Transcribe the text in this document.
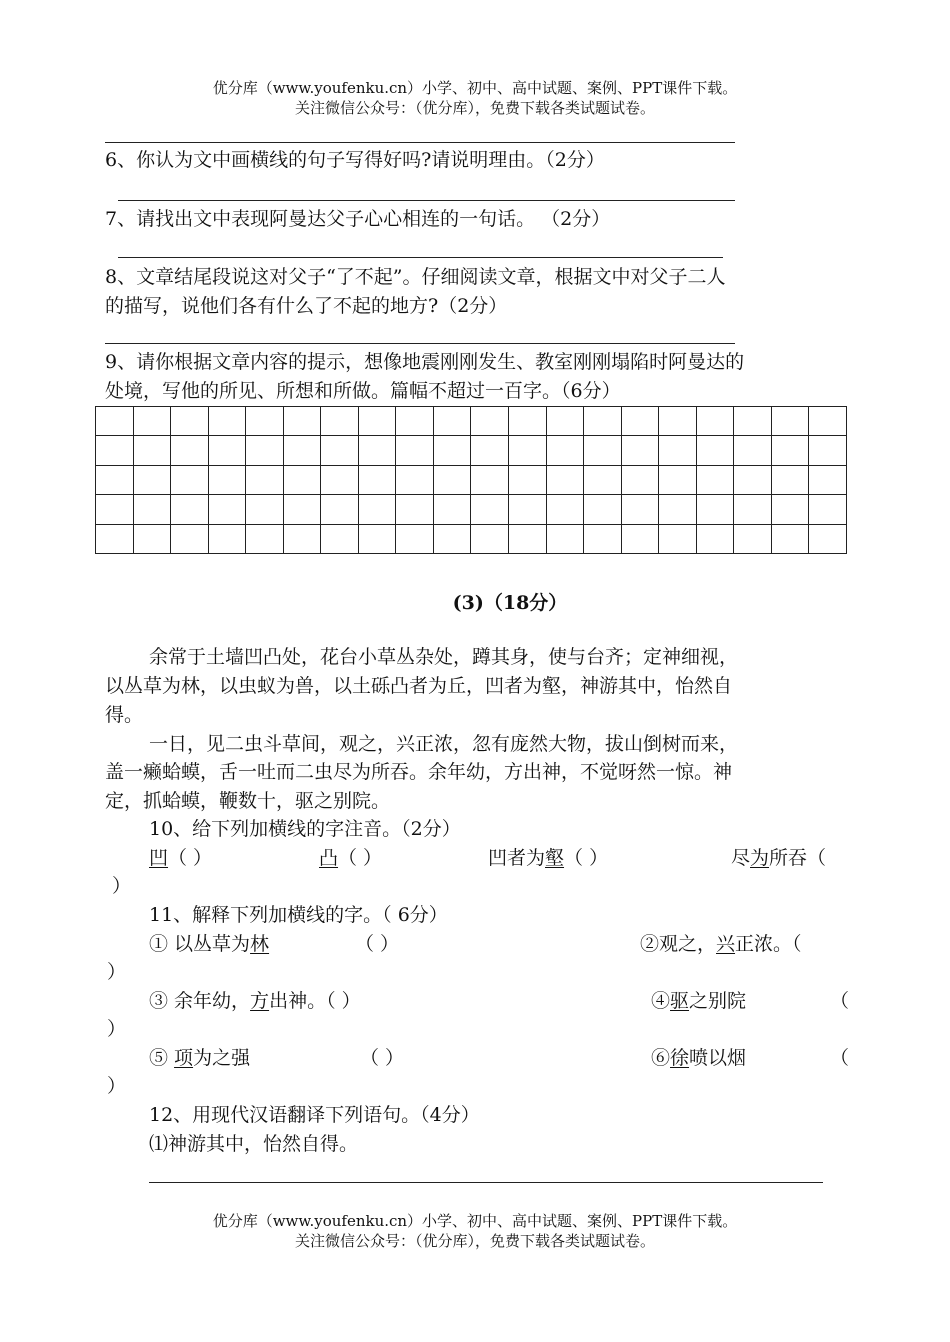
优分库（www.youfenku.cn）小学、初中、高中试题、案例、PPT课件下载。
关注微信公众号：（优分库），免费下载各类试题试卷。
6、你认为文中画横线的句子写得好吗?请说明理由。（2分）
7、请找出文中表现阿曼达父子心心相连的一句话。 （2分）
8、文章结尾段说这对父子“了不起”。仔细阅读文章，根据文中对父子二人
的描写，说他们各有什么了不起的地方?（2分）
9、请你根据文章内容的提示，想像地震刚刚发生、教室刚刚塌陷时阿曼达的
处境，写他的所见、所想和所做。篇幅不超过一百字。（6分）

(3)（18分）
余常于土墙凹凸处，花台小草丛杂处，蹲其身，使与台齐；定神细视，
以丛草为林，以虫蚁为兽，以土砾凸者为丘，凹者为壑，神游其中，怡然自
得。
一日，见二虫斗草间，观之，兴正浓，忽有庞然大物，拔山倒树而来，
盖一癞蛤蟆，舌一吐而二虫尽为所吞。余年幼，方出神，不觉呀然一惊。神
定，抓蛤蟆，鞭数十，驱之别院。
10、给下列加横线的字注音。（2分）
凹（ ）	凸（ ）	凹者为壑（ ）	尽为所吞（
）
11、解释下列加横线的字。（ 6分）
① 以丛草为林	（ ）	②观之，兴正浓。（
）
③ 余年幼，方出神。（ ）	④驱之别院	（
）
⑤ 项为之强	（ ）	⑥徐喷以烟	（
）
12、用现代汉语翻译下列语句。（4分）
⑴神游其中，怡然自得。
优分库（www.youfenku.cn）小学、初中、高中试题、案例、PPT课件下载。
关注微信公众号：（优分库），免费下载各类试题试卷。
